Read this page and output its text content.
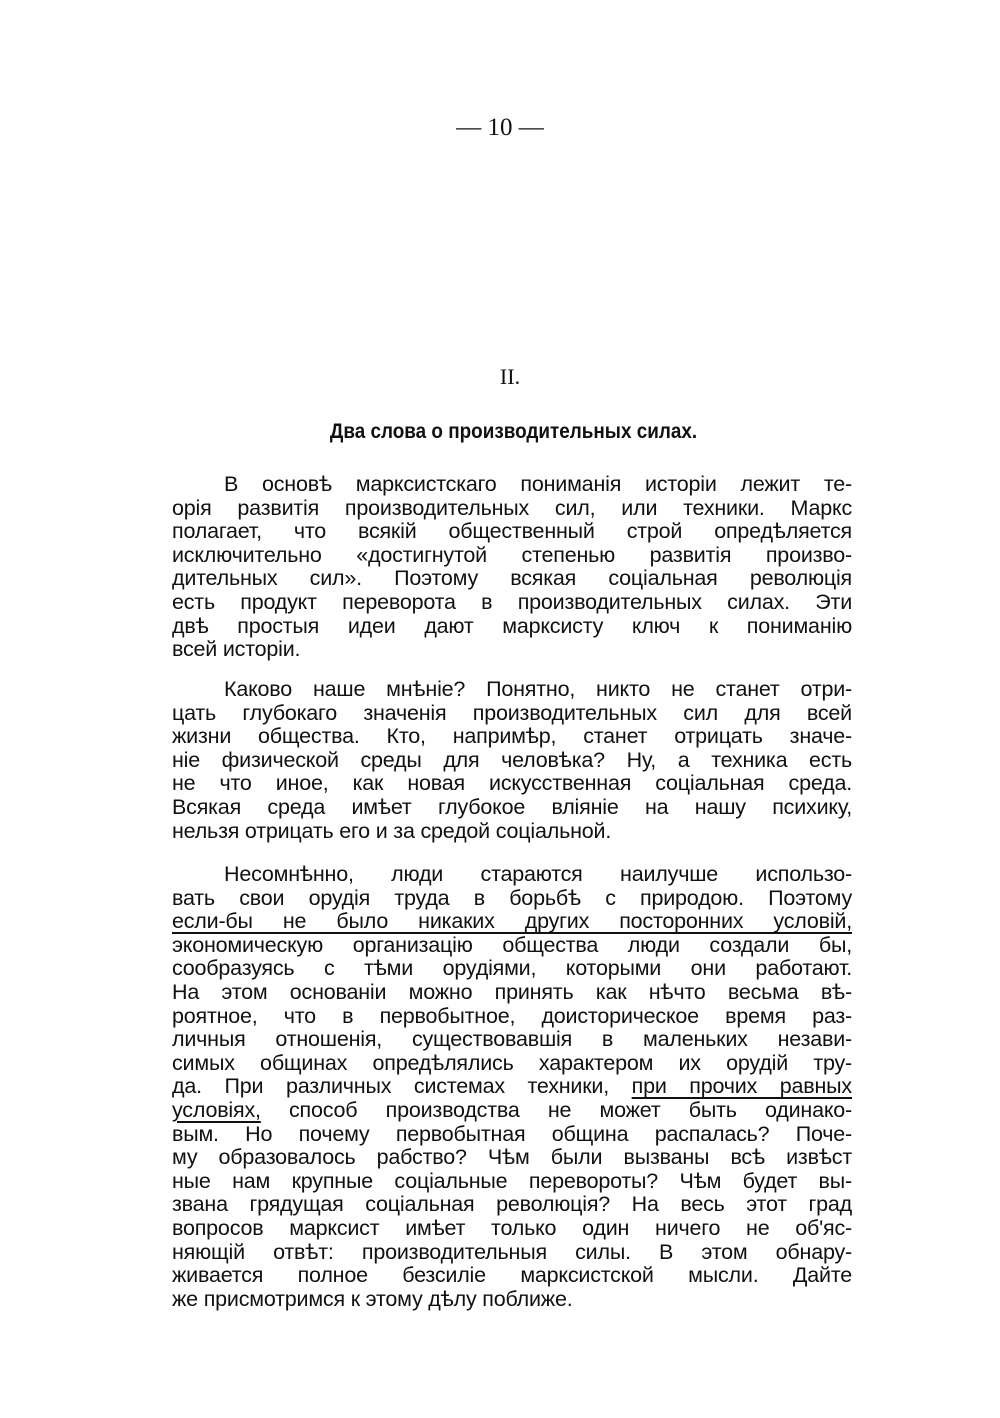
— 10 —
II.
Два слова о производительных силах.
В основѣ марксистскаго пониманія исторіи лежит те-
орія развитія производительных сил, или техники. Маркс
полагает, что всякій общественный строй опредѣляется
исключительно «достигнутой степенью развитія произво-
дительных сил». Поэтому всякая соціальная революція
есть продукт переворота в производительных силах. Эти
двѣ простыя идеи дают марксисту ключ к пониманію
всей исторіи.
Каково наше мнѣніе? Понятно, никто не станет отри-
цать глубокаго значенія производительных сил для всей
жизни общества. Кто, напримѣр, станет отрицать значе-
ніе физической среды для человѣка? Ну, а техника есть
не что иное, как новая искусственная соціальная среда.
Всякая среда имѣет глубокое вліяніе на нашу психику,
нельзя отрицать его и за средой соціальной.
Несомнѣнно, люди стараются наилучше использо-
вать свои орудія труда в борьбѣ с природою. Поэтому
если-бы не было никаких других посторонних условій,
экономическую организацію общества люди создали бы,
сообразуясь с тѣми орудіями, которыми они работают.
На этом основаніи можно принять как нѣчто весьма вѣ-
роятное, что в первобытное, доисторическое время раз-
личныя отношенія, существовавшія в маленьких незави-
симых общинах опредѣлялись характером их орудій тру-
да. При различных системах техники, при прочих равных
условіях, способ производства не может быть одинако-
вым. Но почему первобытная община распалась? Поче-
му образовалось рабство? Чѣм были вызваны всѣ извѣст
ные нам крупные соціальные перевороты? Чѣм будет вы-
звана грядущая соціальная революція? На весь этот град
вопросов марксист имѣет только один ничего не об'яс-
няющій отвѣт: производительныя силы. В этом обнару-
живается полное безсиліе марксистской мысли. Дайте
же присмотримся к этому дѣлу поближе.
